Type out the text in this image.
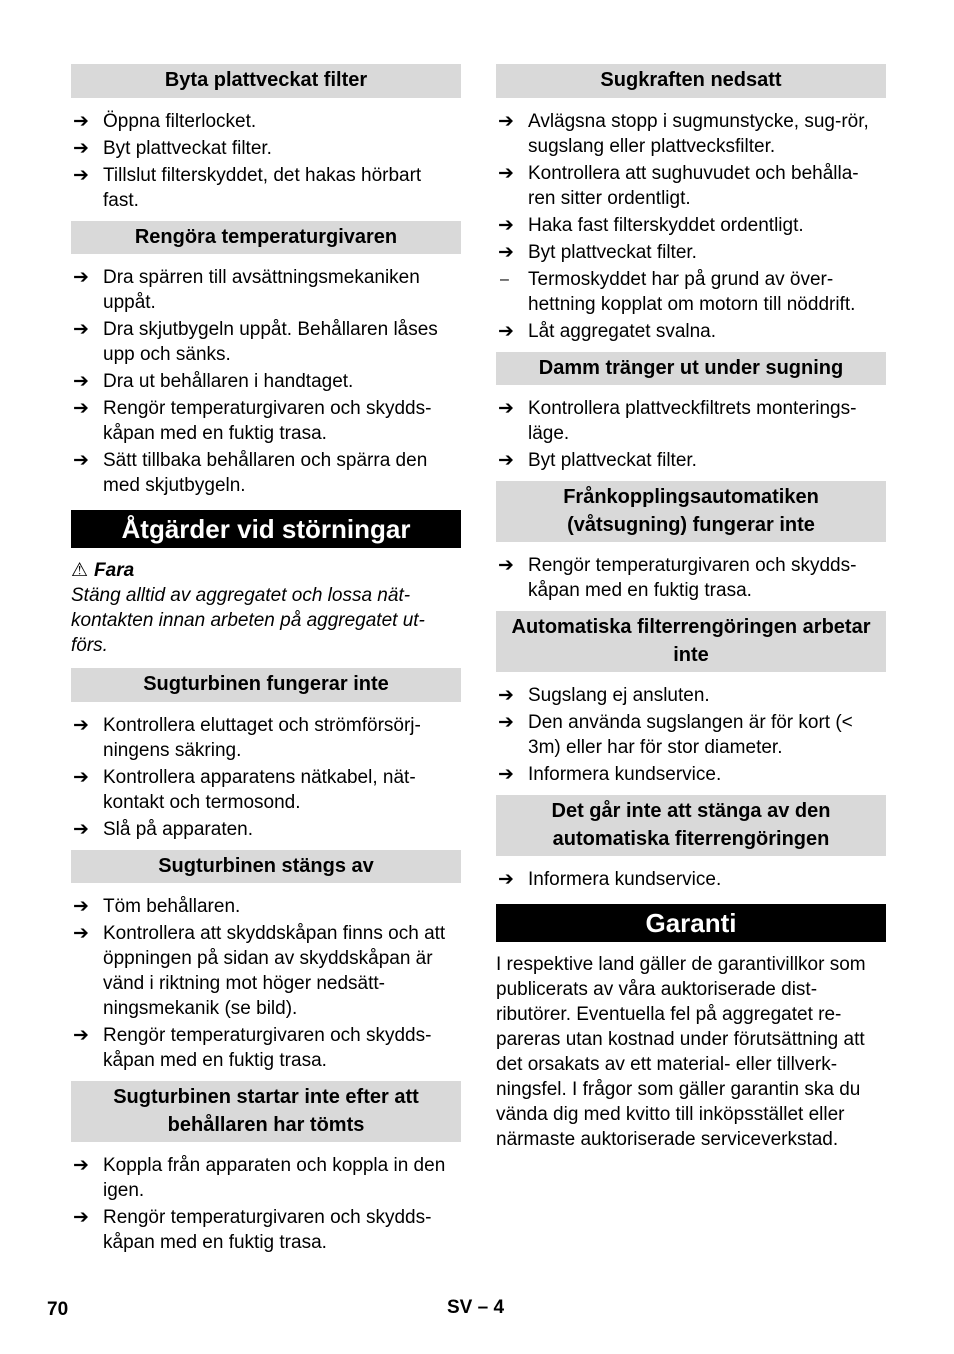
Byta plattveckat filter
➔ Öppna filterlocket.
➔ Byt plattveckat filter.
➔ Tillslut filterskyddet, det hakas hörbart fast.
Rengöra temperaturgivaren
➔ Dra spärren till avsättningsmekaniken uppåt.
➔ Dra skjutbygeln uppåt. Behållaren låses upp och sänks.
➔ Dra ut behållaren i handtaget.
➔ Rengör temperaturgivaren och skydds-kåpan med en fuktig trasa.
➔ Sätt tillbaka behållaren och spärra den med skjutbygeln.
Åtgärder vid störningar
⚠ Fara

Stäng alltid av aggregatet och lossa nät-kontakten innan arbeten på aggregatet ut-förs.

Sugturbinen fungerar inte
➔ Kontrollera eluttaget och strömförsörj-ningens säkring.
➔ Kontrollera apparatens nätkabel, nät-kontakt och termosond.
➔ Slå på apparaten.
Sugturbinen stängs av
➔ Töm behållaren.
➔ Kontrollera att skyddskåpan finns och att öppningen på sidan av skyddskåpan är vänd i riktning mot höger nedsätt-ningsmekanik (se bild).
➔ Rengör temperaturgivaren och skydds-kåpan med en fuktig trasa.
Sugturbinen startar inte efter att behållaren har tömts
➔ Koppla från apparaten och koppla in den igen.
➔ Rengör temperaturgivaren och skydds-kåpan med en fuktig trasa.
Sugkraften nedsatt
➔ Avlägsna stopp i sugmunstycke, sug-rör, sugslang eller plattvecksfilter.
➔ Kontrollera att sughuvudet och behålla-ren sitter ordentligt.
➔ Haka fast filterskyddet ordentligt.
➔ Byt plattveckat filter.
–	Termoskyddet har på grund av över-hettning kopplat om motorn till nöddrift.
➔ Låt aggregatet svalna.
Damm tränger ut under sugning
➔ Kontrollera plattveckfiltrets monterings-läge.
➔ Byt plattveckat filter.
Frånkopplingsautomatiken (våtsugning) fungerar inte
➔ Rengör temperaturgivaren och skydds-kåpan med en fuktig trasa.
Automatiska filterrengöringen arbetar inte
➔ Sugslang ej ansluten.
➔ Den använda sugslangen är för kort (< 3m) eller har för stor diameter.
➔ Informera kundservice.
Det går inte att stänga av den automatiska fiterrengöringen
➔ Informera kundservice.
Garanti

I respektive land gäller de garantivillkor som publicerats av våra auktoriserade dist-ributörer. Eventuella fel på aggregatet re-pareras utan kostnad under förutsättning att det orsakats av ett material- eller tillverk-ningsfel. I frågor som gäller garantin ska du vända dig med kvitto till inköpsstället eller närmaste auktoriserade serviceverkstad.

70	SV – 4
